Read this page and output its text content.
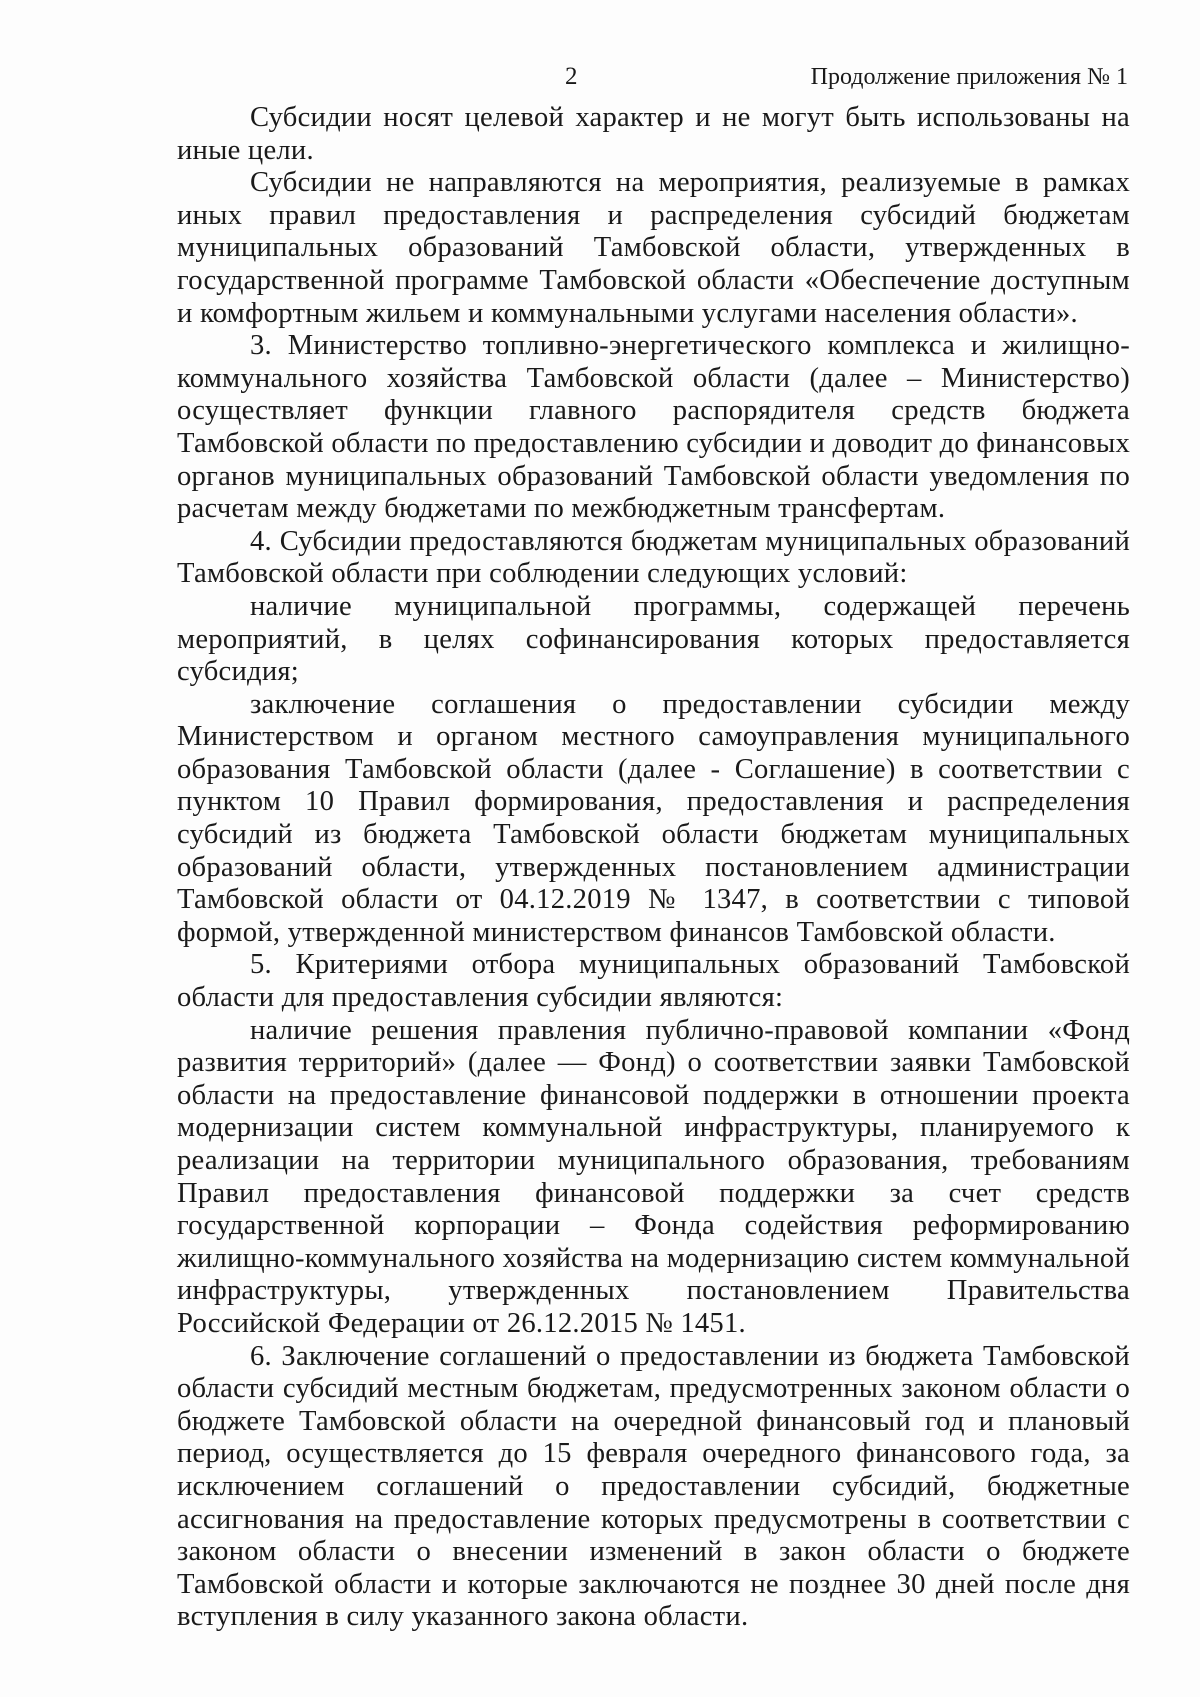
2	Продолжение приложения № 1

Субсидии носят целевой характер и не могут быть использованы на иные цели.

Субсидии не направляются на мероприятия, реализуемые в рамках иных правил предоставления и распределения субсидий бюджетам муниципальных образований Тамбовской области, утвержденных в государственной программе Тамбовской области «Обеспечение доступным и комфортным жильем и коммунальными услугами населения области».

3. Министерство топливно-энергетического комплекса и жилищно-коммунального хозяйства Тамбовской области (далее – Министерство) осуществляет функции главного распорядителя средств бюджета Тамбовской области по предоставлению субсидии и доводит до финансовых органов муниципальных образований Тамбовской области уведомления по расчетам между бюджетами по межбюджетным трансфертам.

4. Субсидии предоставляются бюджетам муниципальных образований Тамбовской области при соблюдении следующих условий:

наличие муниципальной программы, содержащей перечень мероприятий, в целях софинансирования которых предоставляется субсидия;

заключение соглашения о предоставлении субсидии между Министерством и органом местного самоуправления муниципального образования Тамбовской области (далее - Соглашение) в соответствии с пунктом 10 Правил формирования, предоставления и распределения субсидий из бюджета Тамбовской области бюджетам муниципальных образований области, утвержденных постановлением администрации Тамбовской области от 04.12.2019 № 1347, в соответствии с типовой формой, утвержденной министерством финансов Тамбовской области.

5. Критериями отбора муниципальных образований Тамбовской области для предоставления субсидии являются:

наличие решения правления публично-правовой компании «Фонд развития территорий» (далее — Фонд) о соответствии заявки Тамбовской области на предоставление финансовой поддержки в отношении проекта модернизации систем коммунальной инфраструктуры, планируемого к реализации на территории муниципального образования, требованиям Правил предоставления финансовой поддержки за счет средств государственной корпорации – Фонда содействия реформированию жилищно-коммунального хозяйства на модернизацию систем коммунальной инфраструктуры, утвержденных постановлением Правительства Российской Федерации от 26.12.2015 № 1451.

6. Заключение соглашений о предоставлении из бюджета Тамбовской области субсидий местным бюджетам, предусмотренных законом области о бюджете Тамбовской области на очередной финансовый год и плановый период, осуществляется до 15 февраля очередного финансового года, за исключением соглашений о предоставлении субсидий, бюджетные ассигнования на предоставление которых предусмотрены в соответствии с законом области о внесении изменений в закон области о бюджете Тамбовской области и которые заключаются не позднее 30 дней после дня вступления в силу указанного закона области.
